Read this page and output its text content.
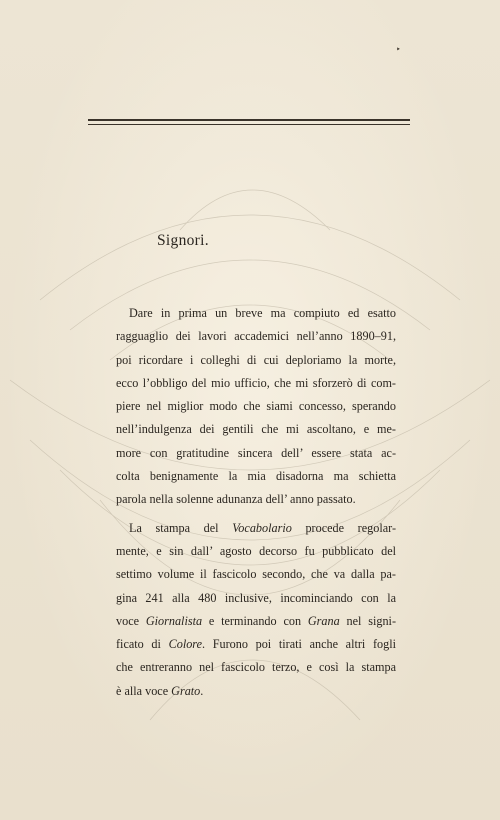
‣
Signori.
Dare in prima un breve ma compiuto ed esatto
ragguaglio dei lavori accademici nell’anno 1890–91,
poi ricordare i colleghi di cui deploriamo la morte,
ecco l’obbligo del mio ufficio, che mi sforzerò di com-
piere nel miglior modo che siami concesso, sperando
nell’indulgenza dei gentili che mi ascoltano, e me-
more con gratitudine sincera dell’ essere stata ac-
colta benignamente la mia disadorna ma schietta
parola nella solenne adunanza dell’ anno passato.
La stampa del Vocabolario procede regolar-
mente, e sin dall’ agosto decorso fu pubblicato del
settimo volume il fascicolo secondo, che va dalla pa-
gina 241 alla 480 inclusive, incominciando con la
voce Giornalista e terminando con Grana nel signi-
ficato di Colore. Furono poi tirati anche altri fogli
che entreranno nel fascicolo terzo, e così la stampa
è alla voce Grato.
